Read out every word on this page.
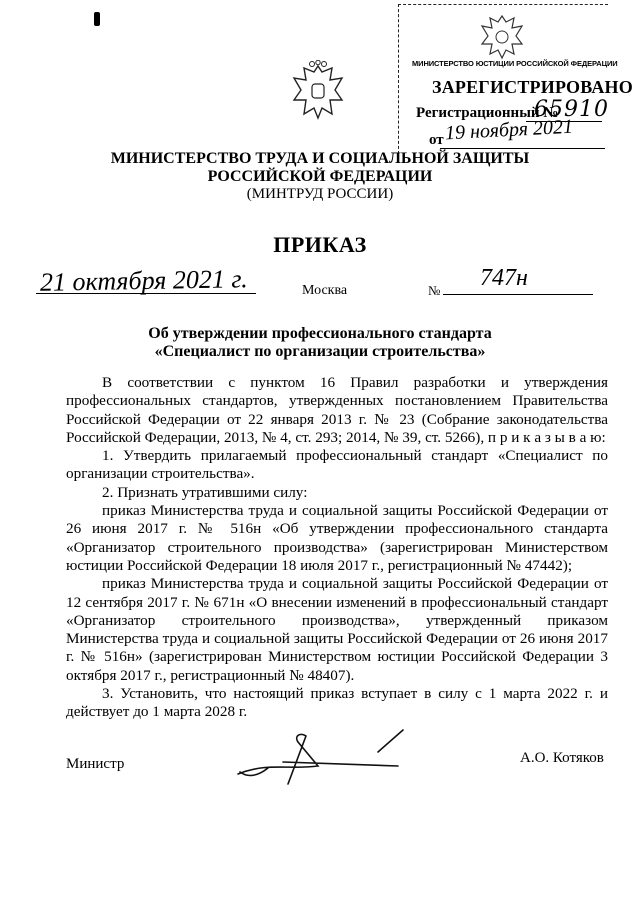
МИНИСТЕРСТВО ЮСТИЦИИ РОССИЙСКОЙ ФЕДЕРАЦИИ
ЗАРЕГИСТРИРОВАНО
Регистрационный №
65910
от 19 ноября 2021
МИНИСТЕРСТВО ТРУДА И СОЦИАЛЬНОЙ ЗАЩИТЫ
РОССИЙСКОЙ ФЕДЕРАЦИИ
(МИНТРУД РОССИИ)
ПРИКАЗ
21 октября 2021 г.	Москва	№ 747н
Об утверждении профессионального стандарта
«Специалист по организации строительства»

В соответствии с пунктом 16 Правил разработки и утверждения профессиональных стандартов, утвержденных постановлением Правительства Российской Федерации от 22 января 2013 г. № 23 (Собрание законодательства Российской Федерации, 2013, № 4, ст. 293; 2014, № 39, ст. 5266), п р и к а з ы в а ю:

1. Утвердить прилагаемый профессиональный стандарт «Специалист по организации строительства».

2. Признать утратившими силу:

приказ Министерства труда и социальной защиты Российской Федерации от 26 июня 2017 г. № 516н «Об утверждении профессионального стандарта «Организатор строительного производства» (зарегистрирован Министерством юстиции Российской Федерации 18 июля 2017 г., регистрационный № 47442);

приказ Министерства труда и социальной защиты Российской Федерации от 12 сентября 2017 г. № 671н «О внесении изменений в профессиональный стандарт «Организатор строительного производства», утвержденный приказом Министерства труда и социальной защиты Российской Федерации от 26 июня 2017 г. № 516н» (зарегистрирован Министерством юстиции Российской Федерации 3 октября 2017 г., регистрационный № 48407).

3. Установить, что настоящий приказ вступает в силу с 1 марта 2022 г. и действует до 1 марта 2028 г.

Министр	А.О. Котяков
